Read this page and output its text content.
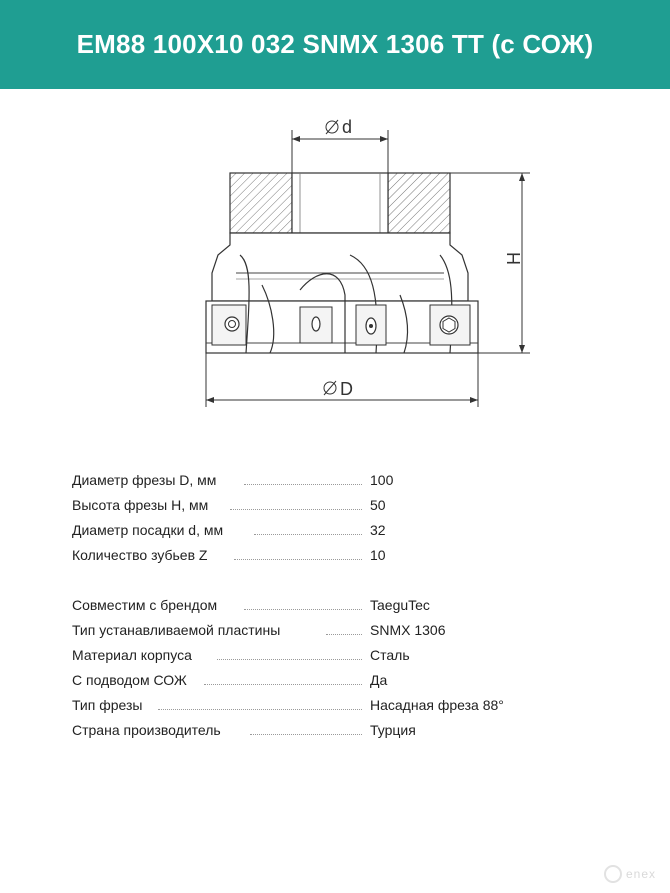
EM88 100X10 032 SNMX 1306 TT (с СОЖ)
d
H
D
Диаметр фрезы D, мм	100
Высота фрезы H, мм	50
Диаметр посадки d, мм	32
Количество зубьев Z	10
Совместим с брендом	TaeguTec
Тип устанавливаемой пластины	SNMX 1306
Материал корпуса	Сталь
С подводом СОЖ	Да
Тип фрезы	Насадная фреза 88°
Страна производитель	Турция
enex
